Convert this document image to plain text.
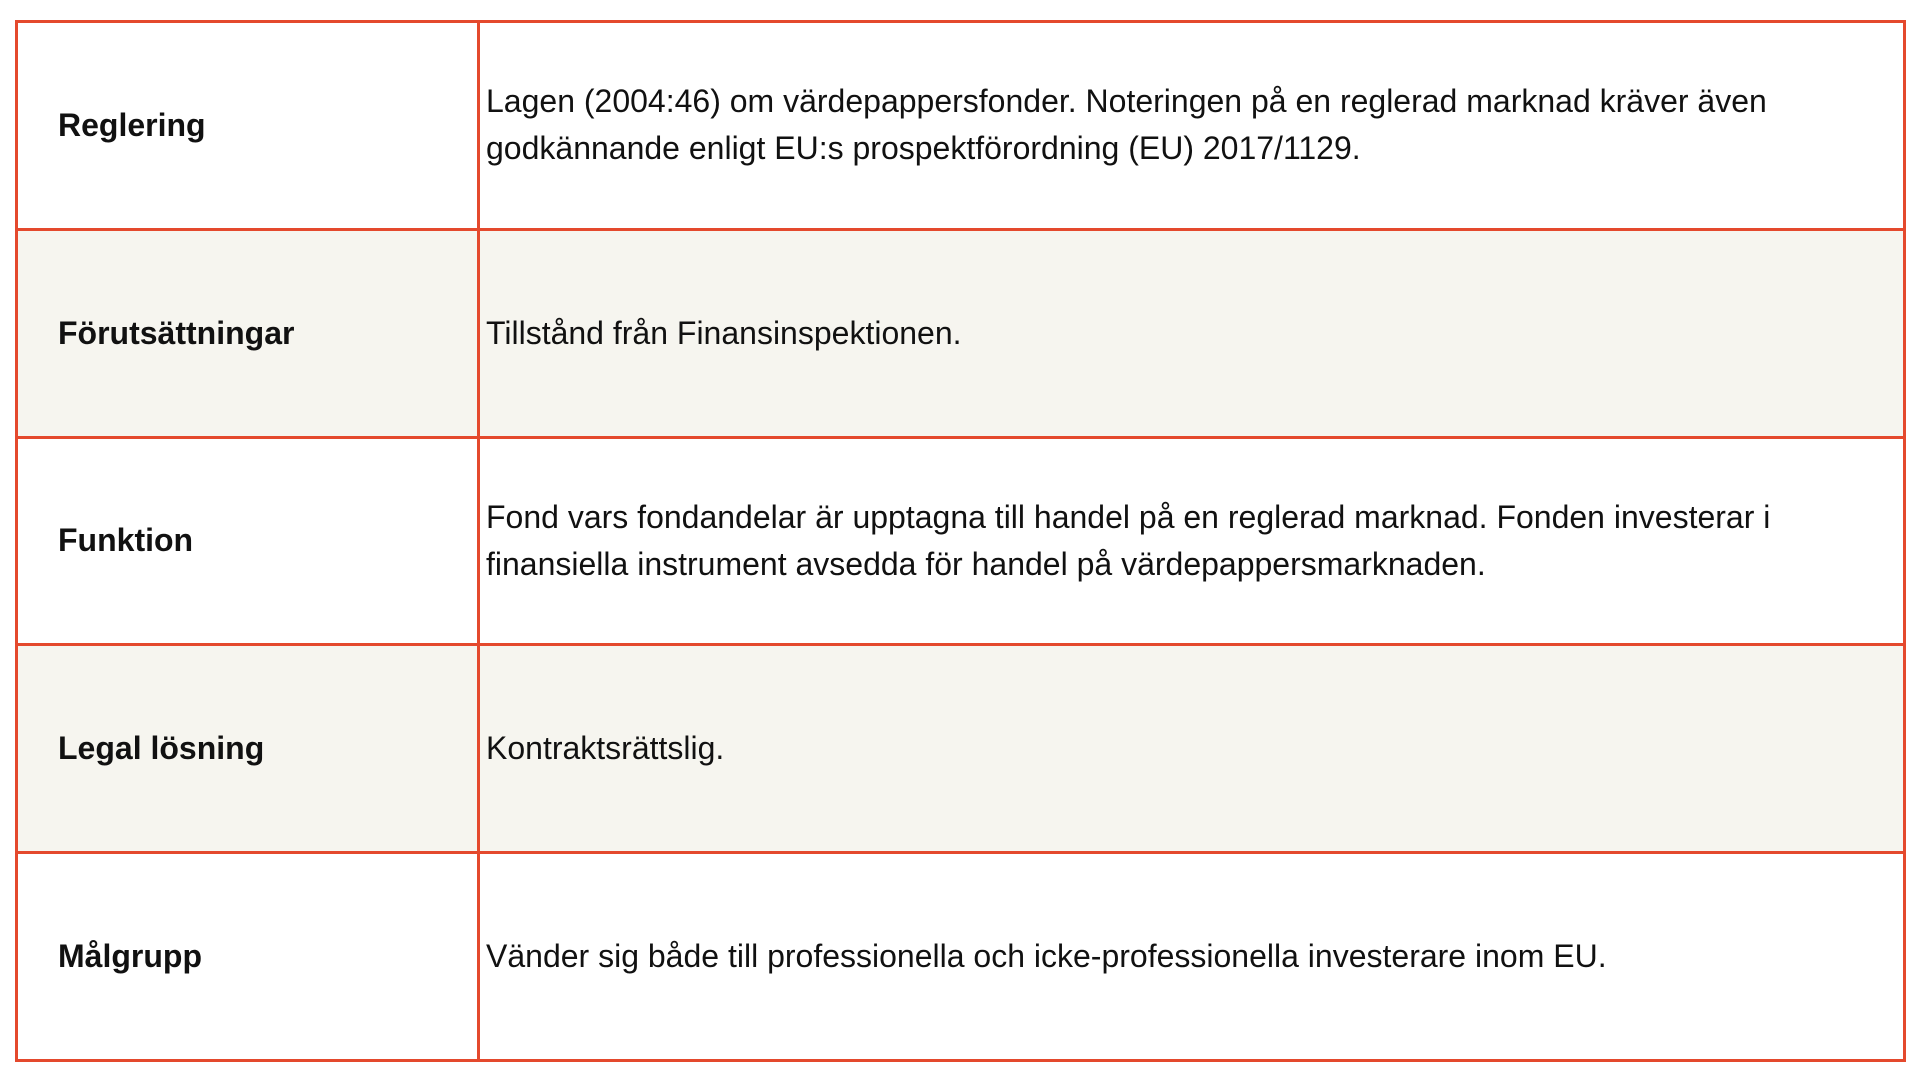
Reglering	Lagen (2004:46) om värdepappersfonder. Noteringen på en reglerad marknad kräver även godkännande enligt EU:s prospektförordning (EU) 2017/1129.
Förutsättningar	Tillstånd från Finansinspektionen.
Funktion	Fond vars fondandelar är upptagna till handel på en reglerad marknad. Fonden investerar i finansiella instrument avsedda för handel på värdepappersmarknaden.
Legal lösning	Kontraktsrättslig.
Målgrupp	Vänder sig både till professionella och icke-professionella investerare inom EU.
